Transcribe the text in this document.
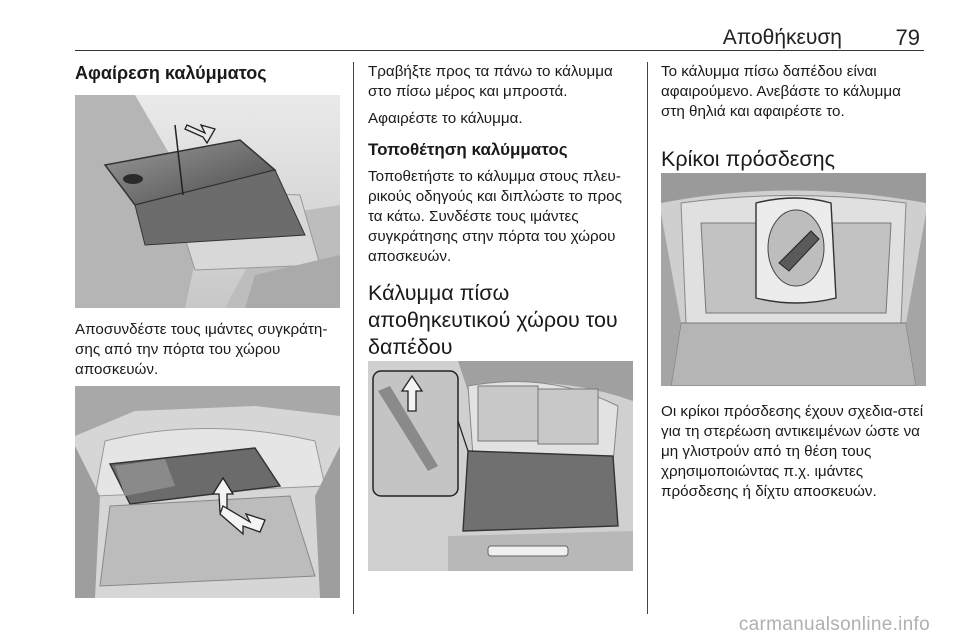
Αποθήκευση 79
Αφαίρεση καλύμματος

Αποσυνδέστε τους ιμάντες συγκράτη-σης από την πόρτα του χώρου αποσκευών.

Τραβήξτε προς τα πάνω το κάλυμμα στο πίσω μέρος και μπροστά.

Αφαιρέστε το κάλυμμα.

Τοποθέτηση καλύμματος

Τοποθετήστε το κάλυμμα στους πλευ-ρικούς οδηγούς και διπλώστε το προς τα κάτω. Συνδέστε τους ιμάντες συγκράτησης στην πόρτα του χώρου αποσκευών.

Κάλυμμα πίσω αποθηκευτικού χώρου του δαπέδου

Το κάλυμμα πίσω δαπέδου είναι αφαιρούμενο. Ανεβάστε το κάλυμμα στη θηλιά και αφαιρέστε το.

Κρίκοι πρόσδεσης

Οι κρίκοι πρόσδεσης έχουν σχεδια-στεί για τη στερέωση αντικειμένων ώστε να μη γλιστρούν από τη θέση τους χρησιμοποιώντας π.χ. ιμάντες πρόσδεσης ή δίχτυ αποσκευών.

carmanualsonline.info
